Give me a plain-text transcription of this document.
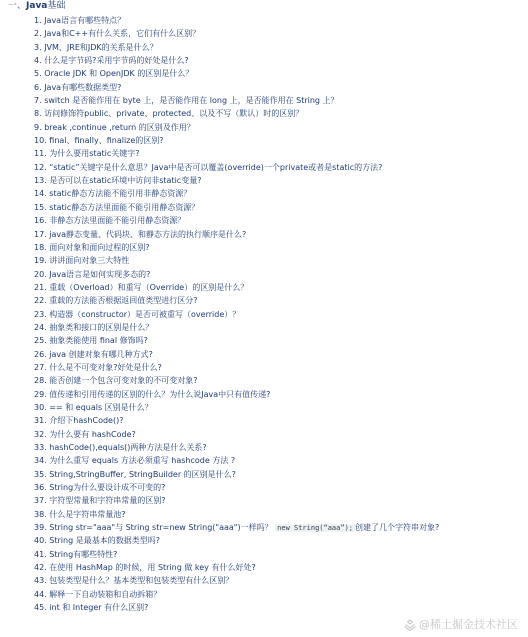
一、Java基础
1. Java语言有哪些特点？
2. Java和C++有什么关系，它们有什么区别？
3. JVM、JRE和JDK的关系是什么？
4. 什么是字节码?采用字节码的好处是什么?
5. Oracle JDK 和 OpenJDK 的区别是什么？
6. Java有哪些数据类型?
7. switch 是否能作用在 byte 上，是否能作用在 long 上，是否能作用在 String 上？
8. 访问修饰符public、private、protected、以及不写（默认）时的区别？
9. break ,continue ,return 的区别及作用？
10. final、finally、finalize的区别?
11. 为什么要用static关键字?
12. “static”关键字是什么意思？Java中是否可以覆盖(override)一个private或者是static的方法?
13. 是否可以在static环境中访问非static变量?
14. static静态方法能不能引用非静态资源？
15. static静态方法里面能不能引用静态资源？
16. 非静态方法里面能不能引用静态资源？
17. java静态变量、代码块、和静态方法的执行顺序是什么?
18. 面向对象和面向过程的区别?
19. 讲讲面向对象三大特性
20. Java语言是如何实现多态的?
21. 重载（Overload）和重写（Override）的区别是什么？
22. 重载的方法能否根据返回值类型进行区分?
23. 构造器（constructor）是否可被重写（override）？
24. 抽象类和接口的区别是什么？
25. 抽象类能使用 final 修饰吗?
26. java 创建对象有哪几种方式?
27. 什么是不可变对象?好处是什么?
28. 能否创建一个包含可变对象的不可变对象?
29. 值传递和引用传递的区别的什么？为什么说Java中只有值传递?
30. == 和 equals 区别是什么？
31. 介绍下hashCode()?
32. 为什么要有 hashCode?
33. hashCode(),equals()两种方法是什么关系?
34. 为什么重写 equals 方法必须重写 hashcode 方法 ?
35. String,StringBuffer, StringBuilder 的区别是什么?
36. String为什么要设计成不可变的?
37. 字符型常量和字符串常量的区别?
38. 什么是字符串常量池?
39. String str="aaa"与 String str=new String("aaa")一样吗？ new String(“aaa”); 创建了几个字符串对象?
40. String 是最基本的数据类型吗?
41. String有哪些特性?
42. 在使用 HashMap 的时候，用 String 做 key 有什么好处?
43. 包装类型是什么？基本类型和包装类型有什么区别？
44. 解释一下自动装箱和自动拆箱？
45. int 和 Integer 有什么区别?
@稀土掘金技术社区
